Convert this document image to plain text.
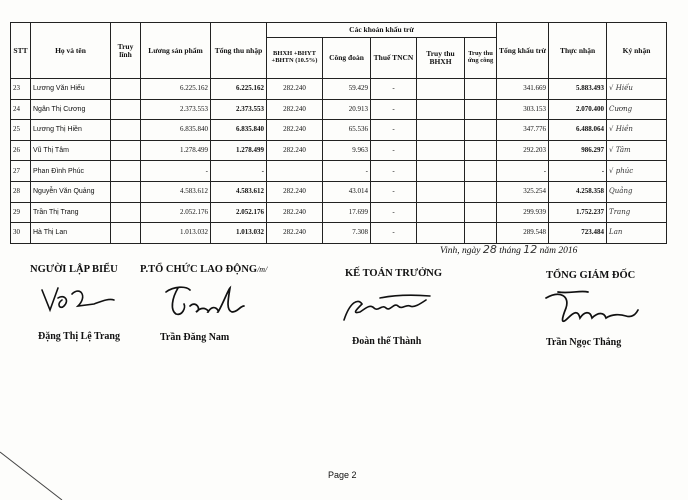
STT	Họ và tên	Truy lĩnh	Lương sản phẩm	Tổng thu nhập	Các khoản khấu trừ					Tổng khấu trừ	Thực nhận	Ký nhận
					BHXH +BHYT +BHTN (10.5%)	Công đoàn	Thuế TNCN	Truy thu BHXH	Truy thu ứng công			
23	Lương Văn Hiếu		6.225.162	6.225.162	282.240	59.429	-			341.669	5.883.493	√ Hiếu
24	Ngân Thị Cương		2.373.553	2.373.553	282.240	20.913	-			303.153	2.070.400	Cương
25	Lương Thị Hiền		6.835.840	6.835.840	282.240	65.536	-			347.776	6.488.064	√ Hiền
26	Vũ Thị Tâm		1.278.499	1.278.499	282.240	9.963	-			292.203	986.297	√ Tâm
27	Phan Đình Phúc		-	-		-	-			-	-	√ phúc
28	Nguyễn Văn Quảng		4.583.612	4.583.612	282.240	43.014	-			325.254	4.258.358	Quảng
29	Trần Thị Trang		2.052.176	2.052.176	282.240	17.699	-			299.939	1.752.237	Trang
30	Hà Thị Lan		1.013.032	1.013.032	282.240	7.308	-			289.548	723.484	Lan
Vinh, ngày 28 tháng 12 năm 2016
NGƯỜI LẬP BIỂU
Đặng Thị Lệ Trang
P.TỔ CHỨC LAO ĐỘNG/m/
Trần Đăng Nam
KẾ TOÁN TRƯỞNG
Đoàn thế Thành
TỔNG GIÁM ĐỐC
Trần Ngọc Thắng
Page 2
